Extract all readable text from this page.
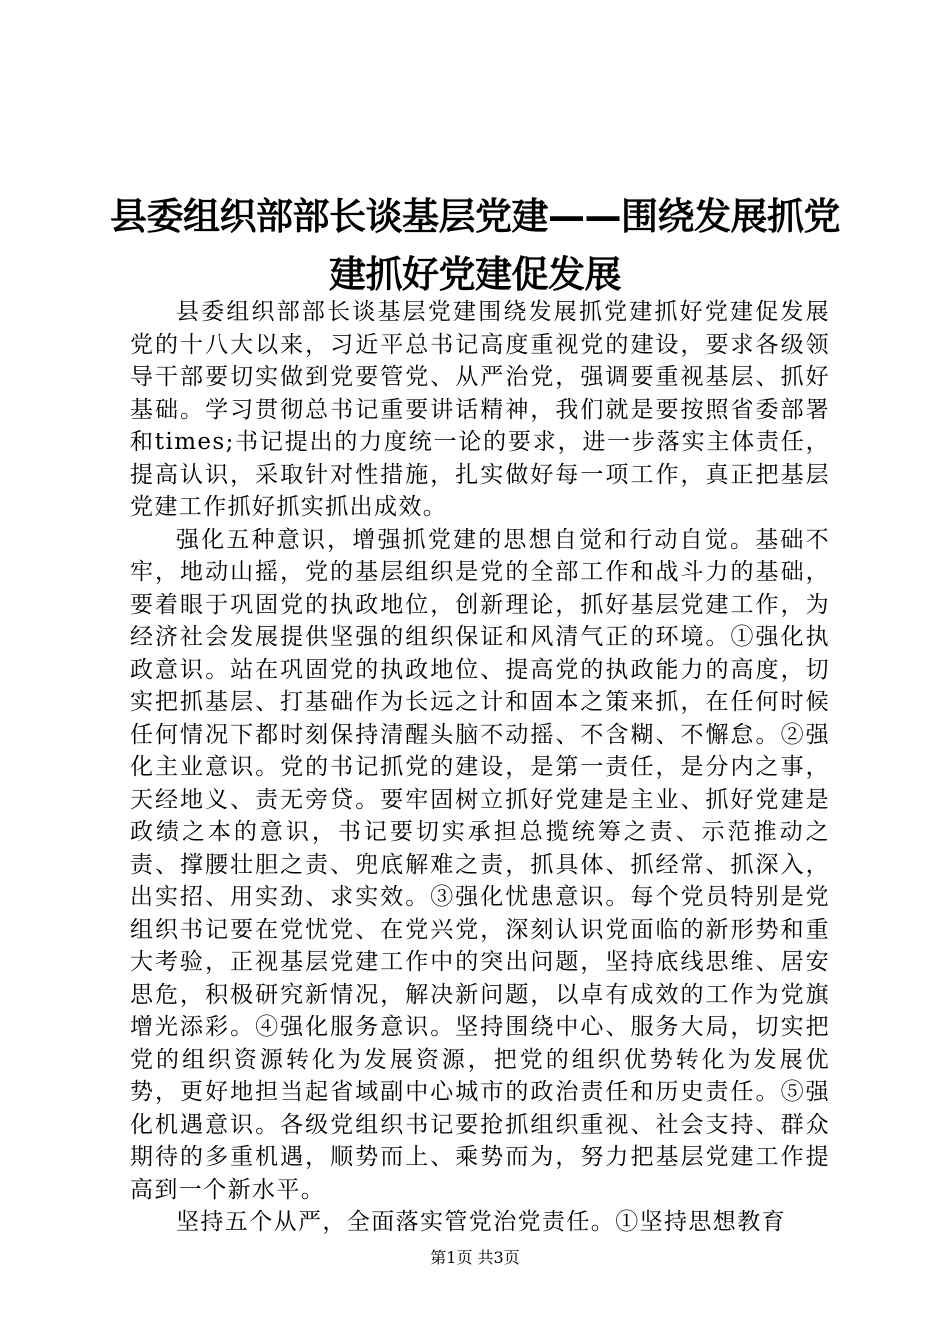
县委组织部部长谈基层党建——围绕发展抓党
建抓好党建促发展

县委组织部部长谈基层党建围绕发展抓党建抓好党建促发展党的十八大以来，习近平总书记高度重视党的建设，要求各级领导干部要切实做到党要管党、从严治党，强调要重视基层、抓好基础。学习贯彻总书记重要讲话精神，我们就是要按照省委部署和times;书记提出的力度统一论的要求，进一步落实主体责任，提高认识，采取针对性措施，扎实做好每一项工作，真正把基层党建工作抓好抓实抓出成效。

强化五种意识，增强抓党建的思想自觉和行动自觉。基础不牢，地动山摇，党的基层组织是党的全部工作和战斗力的基础，要着眼于巩固党的执政地位，创新理论，抓好基层党建工作，为经济社会发展提供坚强的组织保证和风清气正的环境。①强化执政意识。站在巩固党的执政地位、提高党的执政能力的高度，切实把抓基层、打基础作为长远之计和固本之策来抓，在任何时候任何情况下都时刻保持清醒头脑不动摇、不含糊、不懈怠。②强化主业意识。党的书记抓党的建设，是第一责任，是分内之事，天经地义、责无旁贷。要牢固树立抓好党建是主业、抓好党建是政绩之本的意识，书记要切实承担总揽统筹之责、示范推动之责、撑腰壮胆之责、兜底解难之责，抓具体、抓经常、抓深入，出实招、用实劲、求实效。③强化忧患意识。每个党员特别是党组织书记要在党忧党、在党兴党，深刻认识党面临的新形势和重大考验，正视基层党建工作中的突出问题，坚持底线思维、居安思危，积极研究新情况，解决新问题，以卓有成效的工作为党旗增光添彩。④强化服务意识。坚持围绕中心、服务大局，切实把党的组织资源转化为发展资源，把党的组织优势转化为发展优势，更好地担当起省域副中心城市的政治责任和历史责任。⑤强化机遇意识。各级党组织书记要抢抓组织重视、社会支持、群众期待的多重机遇，顺势而上、乘势而为，努力把基层党建工作提高到一个新水平。

坚持五个从严，全面落实管党治党责任。①坚持思想教育

第1页 共3页
